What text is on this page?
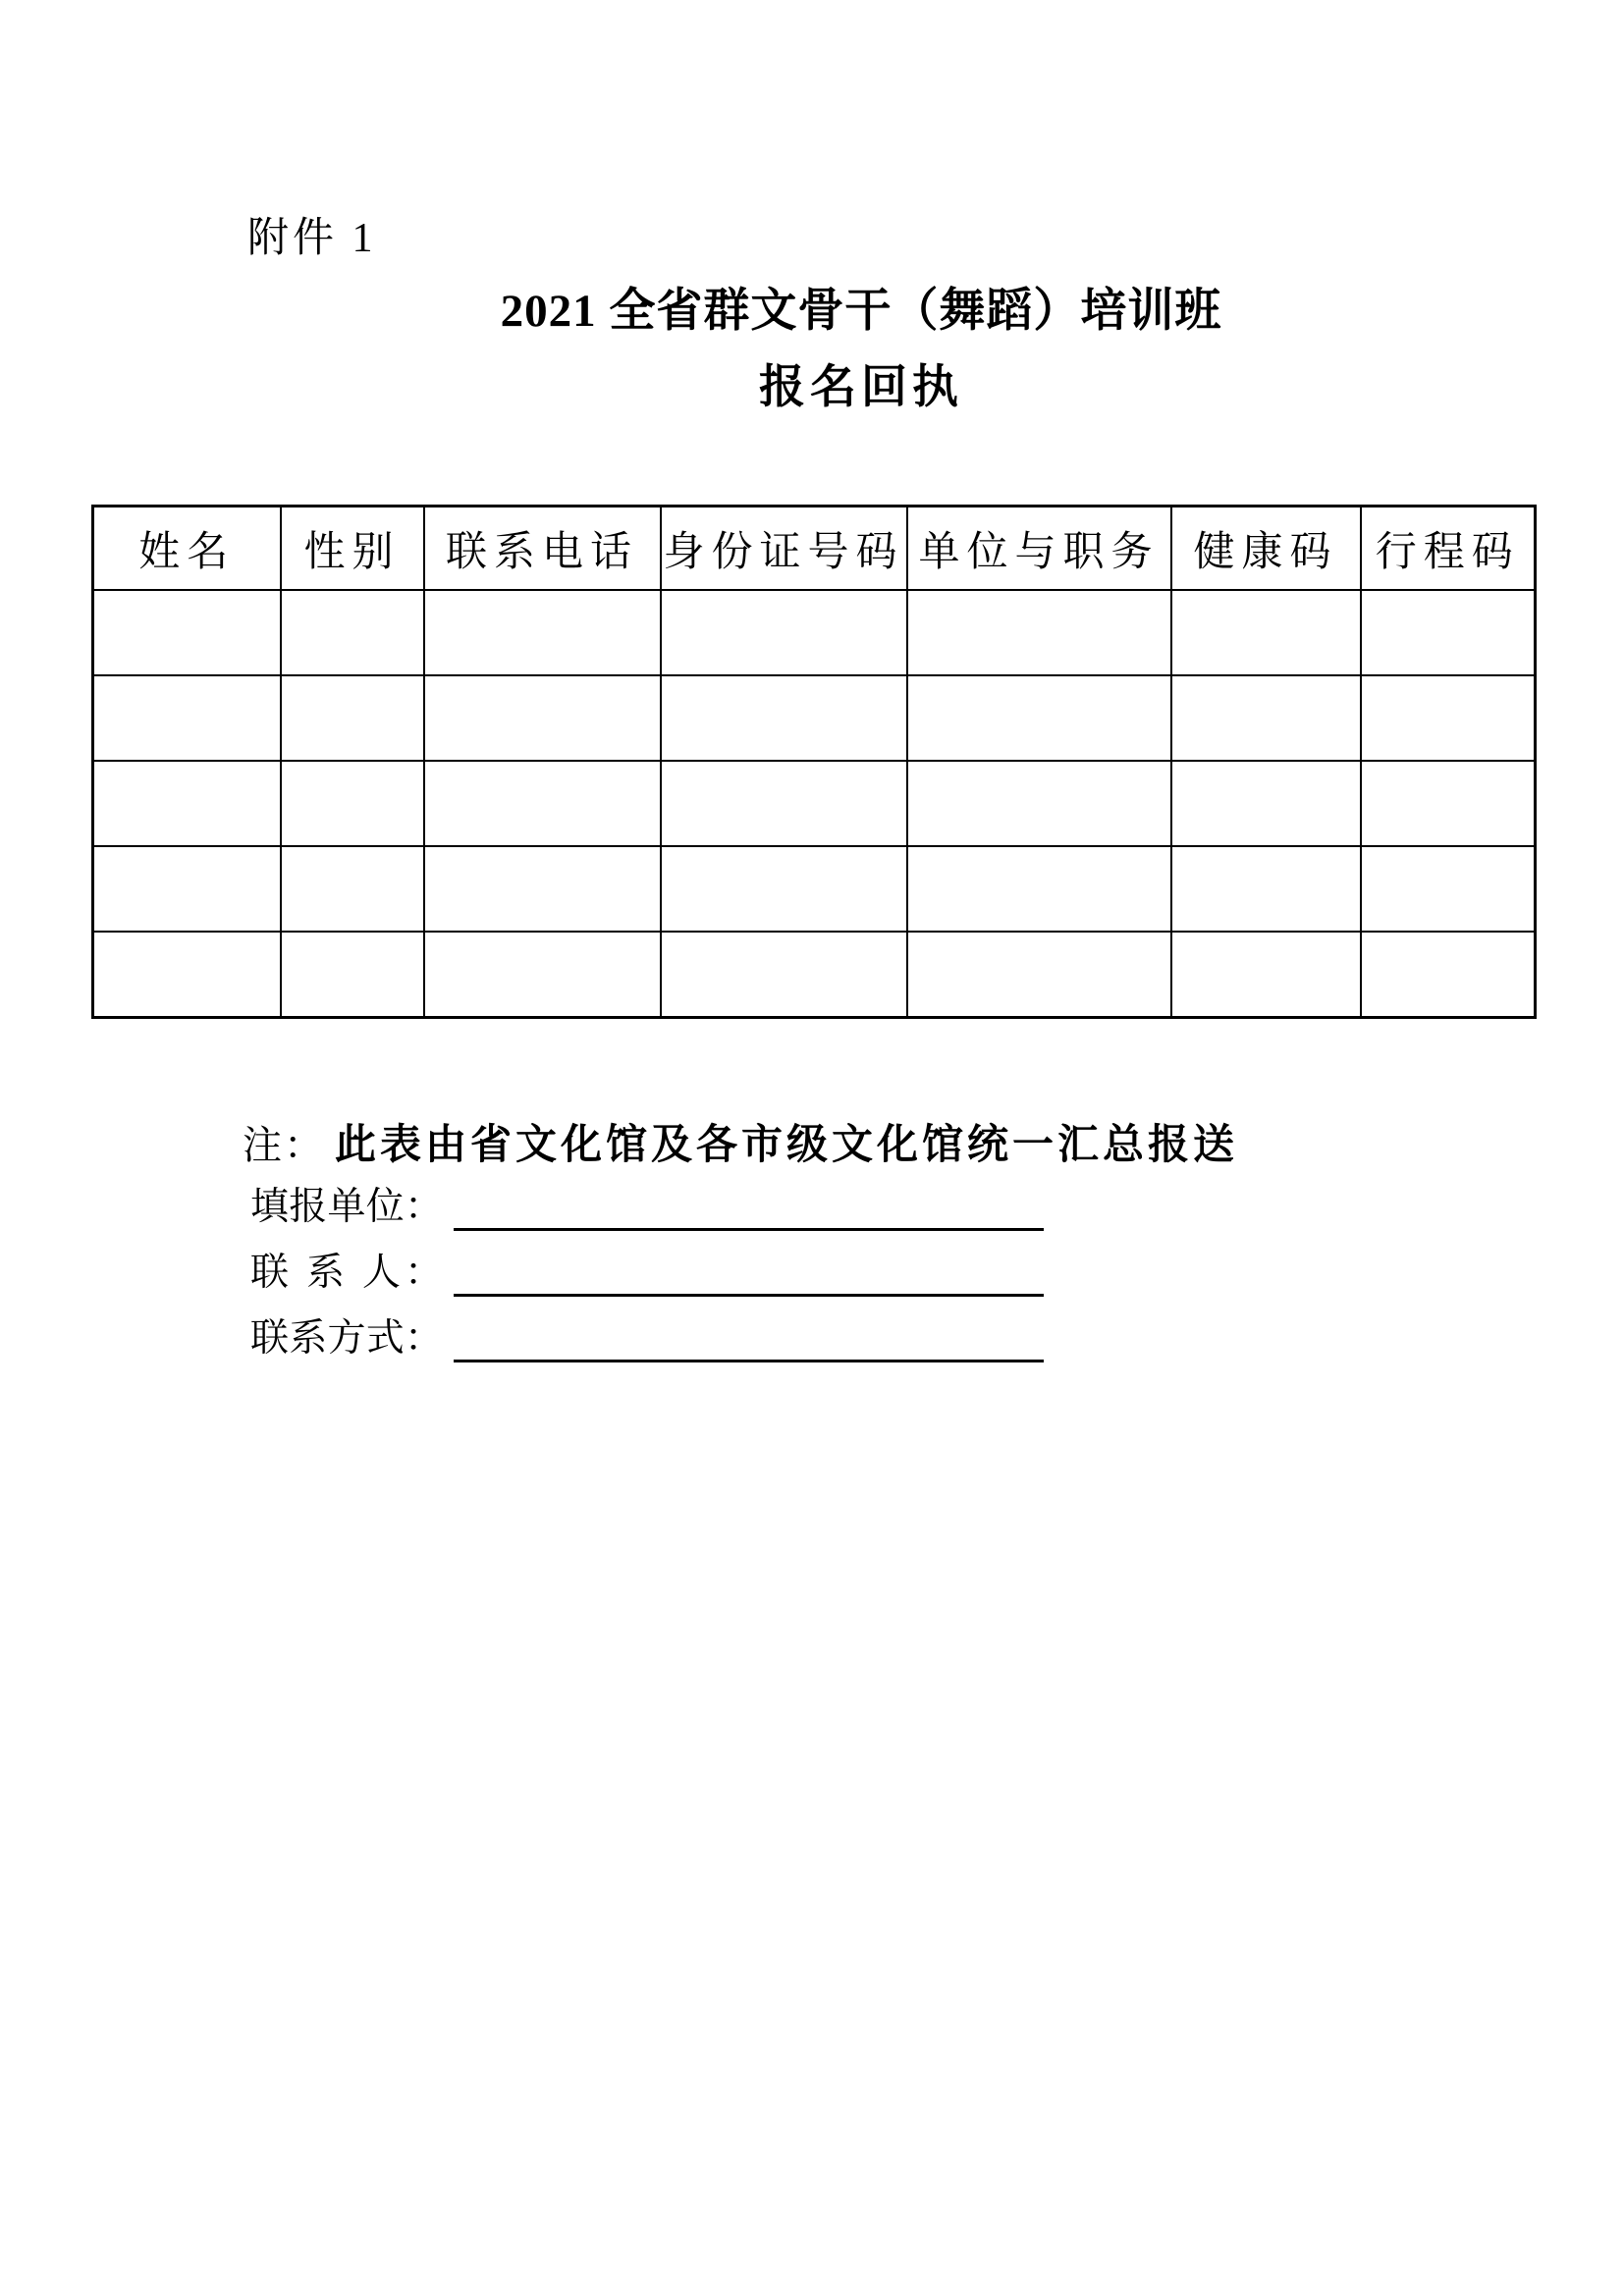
附件 1
2021 全省群文骨干（舞蹈）培训班
报名回执
姓名	性别	联系电话	身份证号码	单位与职务	健康码	行程码

注： 此表由省文化馆及各市级文化馆统一汇总报送
填报单位：
联 系 人：
联系方式：
